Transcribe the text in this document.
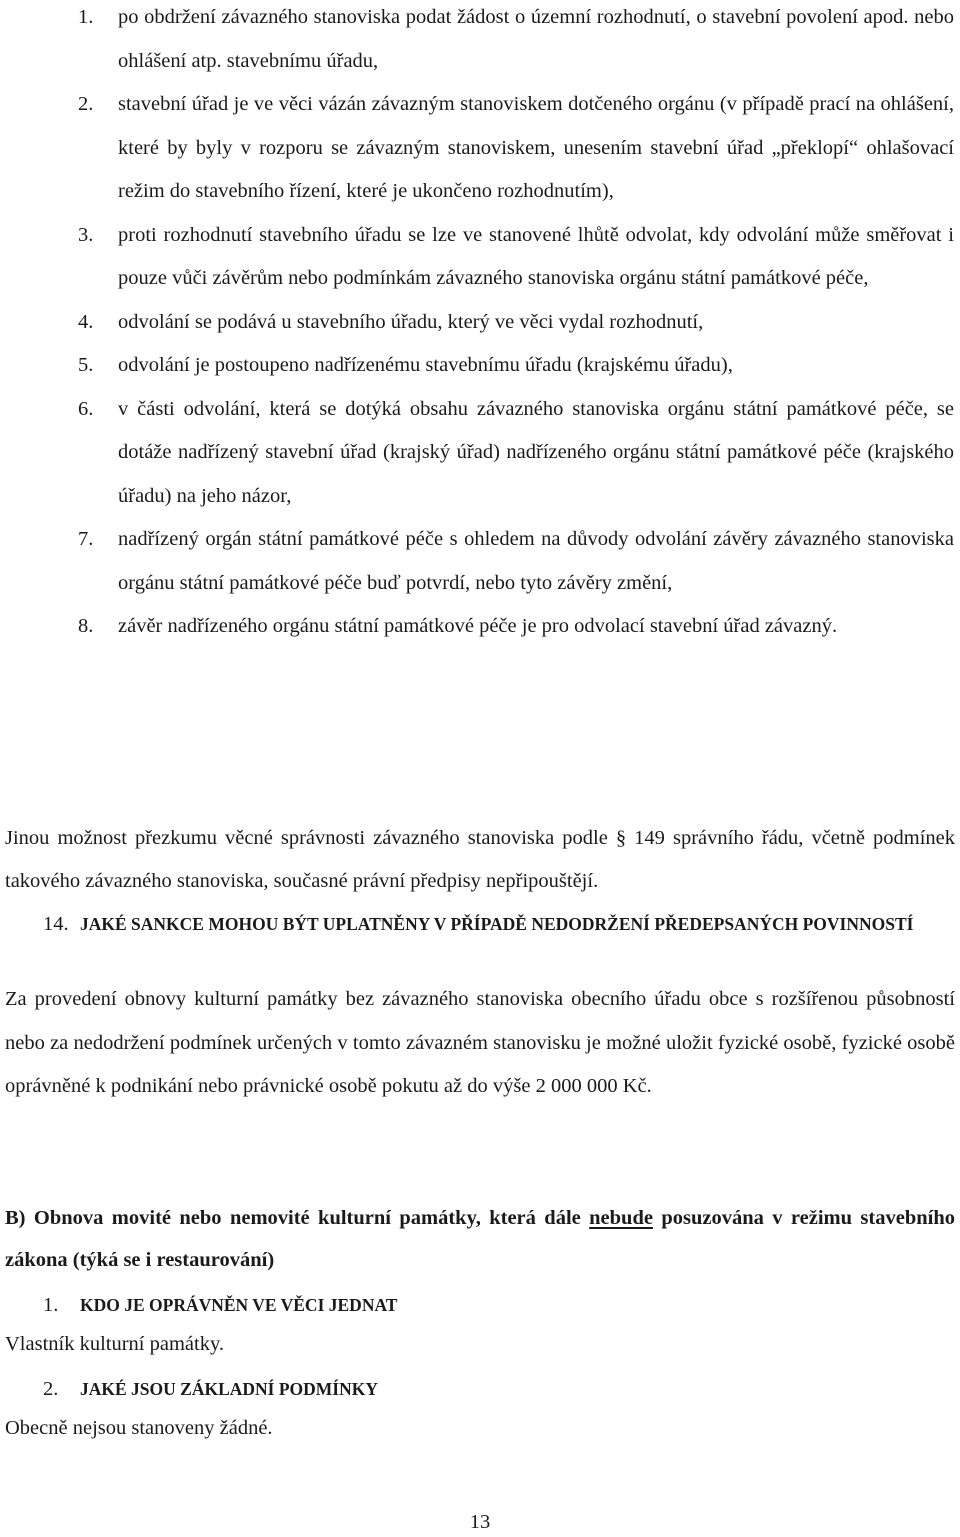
1. po obdržení závazného stanoviska podat žádost o územní rozhodnutí, o stavební povolení apod. nebo ohlášení atp. stavebnímu úřadu,
2. stavební úřad je ve věci vázán závazným stanoviskem dotčeného orgánu (v případě prací na ohlášení, které by byly v rozporu se závazným stanoviskem, unesením stavební úřad „překlopí“ ohlašovací režim do stavebního řízení, které je ukončeno rozhodnutím),
3. proti rozhodnutí stavebního úřadu se lze ve stanovené lhůtě odvolat, kdy odvolání může směřovat i pouze vůči závěrům nebo podmínkám závazného stanoviska orgánu státní památkové péče,
4. odvolání se podává u stavebního úřadu, který ve věci vydal rozhodnutí,
5. odvolání je postoupeno nadřízenému stavebnímu úřadu (krajskému úřadu),
6. v části odvolání, která se dotýká obsahu závazného stanoviska orgánu státní památkové péče, se dotáže nadřízený stavební úřad (krajský úřad) nadřízeného orgánu státní památkové péče (krajského úřadu) na jeho názor,
7. nadřízený orgán státní památkové péče s ohledem na důvody odvolání závěry závazného stanoviska orgánu státní památkové péče buď potvrdí, nebo tyto závěry změní,
8. závěr nadřízeného orgánu státní památkové péče je pro odvolací stavební úřad závazný.
Jinou možnost přezkumu věcné správnosti závazného stanoviska podle § 149 správního řádu, včetně podmínek takového závazného stanoviska, současné právní předpisy nepřipouštějí.
14. JAKÉ SANKCE MOHOU BÝT UPLATNĚNY V PŘÍPADĚ NEDODRŽENÍ PŘEDEPSANÝCH POVINNOSTÍ
Za provedení obnovy kulturní památky bez závazného stanoviska obecního úřadu obce s rozšířenou působností nebo za nedodržení podmínek určených v tomto závazném stanovisku je možné uložit fyzické osobě, fyzické osobě oprávněné k podnikání nebo právnické osobě pokutu až do výše 2 000 000 Kč.
B) Obnova movité nebo nemovité kulturní památky, která dále nebude posuzována v režimu stavebního zákona (týká se i restaurování)
1.	KDO JE OPRÁVNĚN VE VĚCI JEDNAT
Vlastník kulturní památky.
2.	JAKÉ JSOU ZÁKLADNÍ PODMÍNKY
Obecně nejsou stanoveny žádné.
13
